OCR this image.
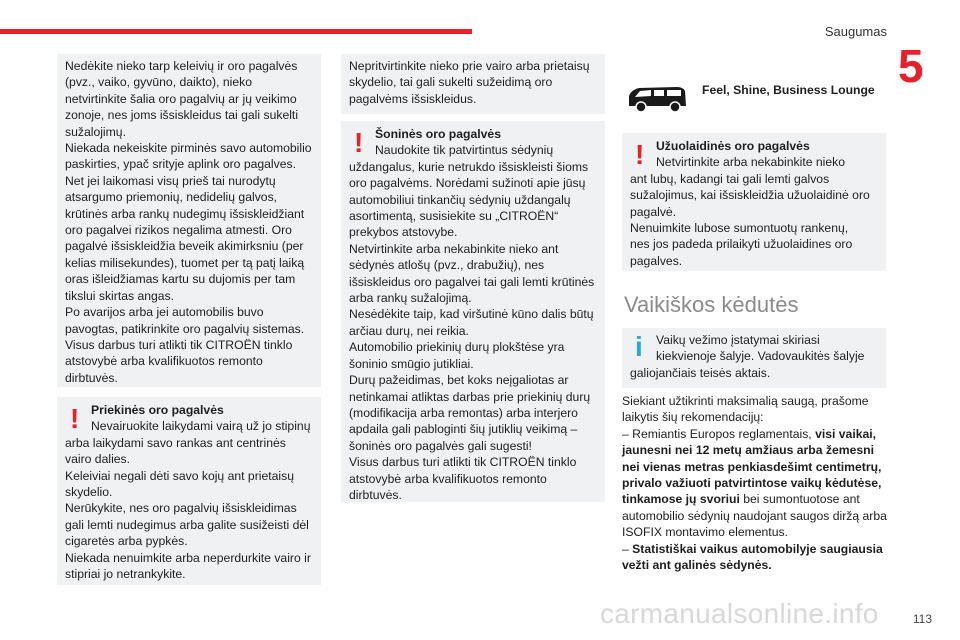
Saugumas
5

Nedėkite nieko tarp keleivių ir oro pagalvės

(pvz., vaiko, gyvūno, daikto), nieko

netvirtinkite šalia oro pagalvių ar jų veikimo

zonoje, nes joms išsiskleidus tai gali sukelti

sužalojimų.

Niekada nekeiskite pirminės savo automobilio

paskirties, ypač srityje aplink oro pagalves.

Net jei laikomasi visų prieš tai nurodytų

atsargumo priemonių, nedidelių galvos,

krūtinės arba rankų nudegimų išsiskleidžiant

oro pagalvei rizikos negalima atmesti. Oro

pagalvė išsiskleidžia beveik akimirksniu (per

kelias milisekundes), tuomet per tą patį laiką

oras išleidžiamas kartu su dujomis per tam

tikslui skirtas angas.

Po avarijos arba jei automobilis buvo

pavogtas, patikrinkite oro pagalvių sistemas.

Visus darbus turi atlikti tik CITROËN tinklo

atstovybė arba kvalifikuotos remonto

dirbtuvės.

! Priekinės oro pagalvės

Nevairuokite laikydami vairą už jo stipinų

arba laikydami savo rankas ant centrinės

vairo dalies.

Keleiviai negali dėti savo kojų ant prietaisų

skydelio.

Nerūkykite, nes oro pagalvių išsiskleidimas

gali lemti nudegimus arba galite susižeisti dėl

cigaretės arba pypkės.

Niekada nenuimkite arba neperdurkite vairo ir

stipriai jo netrankykite.

Nepritvirtinkite nieko prie vairo arba prietaisų

skydelio, tai gali sukelti sužeidimą oro

pagalvėms išsiskleidus.

! Šoninės oro pagalvės

Naudokite tik patvirtintus sėdynių

uždangalus, kurie netrukdo išsiskleisti šioms

oro pagalvėms. Norėdami sužinoti apie jūsų

automobiliui tinkančių sėdynių uždangalų

asortimentą, susisiekite su „CITROËN“

prekybos atstovybe.

Netvirtinkite arba nekabinkite nieko ant

sėdynės atlošų (pvz., drabužių), nes

išsiskleidus oro pagalvei tai gali lemti krūtinės

arba rankų sužalojimą.

Nesėdėkite taip, kad viršutinė kūno dalis būtų

arčiau durų, nei reikia.

Automobilio priekinių durų plokštėse yra

šoninio smūgio jutikliai.

Durų pažeidimas, bet koks neįgaliotas ar

netinkamai atliktas darbas prie priekinių durų

(modifikacija arba remontas) arba interjero

apdaila gali pabloginti šių jutiklių veikimą –

šoninės oro pagalvės gali sugesti!

Visus darbus turi atlikti tik CITROËN tinklo

atstovybė arba kvalifikuotos remonto

dirbtuvės.

Feel, Shine, Business Lounge
! Užuolaidinės oro pagalvės

Netvirtinkite arba nekabinkite nieko

ant lubų, kadangi tai gali lemti galvos

sužalojimus, kai išsiskleidžia užuolaidinė oro

pagalvė.

Nenuimkite lubose sumontuotų rankenų,

nes jos padeda prilaikyti užuolaidines oro

pagalves.

Vaikiškos kėdutės
i Vaikų vežimo įstatymai skiriasi

kiekvienoje šalyje. Vadovaukitės šalyje

galiojančiais teisės aktais.

Siekiant užtikrinti maksimalią saugą, prašome

laikytis šių rekomendacijų:

– Remiantis Europos reglamentais, visi vaikai,

jaunesni nei 12 metų amžiaus arba žemesni

nei vienas metras penkiasdešimt centimetrų,

privalo važiuoti patvirtintose vaikų kėdutėse,

tinkamose jų svoriui bei sumontuotose ant

automobilio sėdynių naudojant saugos diržą arba

ISOFIX montavimo elementus.

– Statistiškai vaikus automobilyje saugiausia

vežti ant galinės sėdynės.

carmanualsonline.info	113
